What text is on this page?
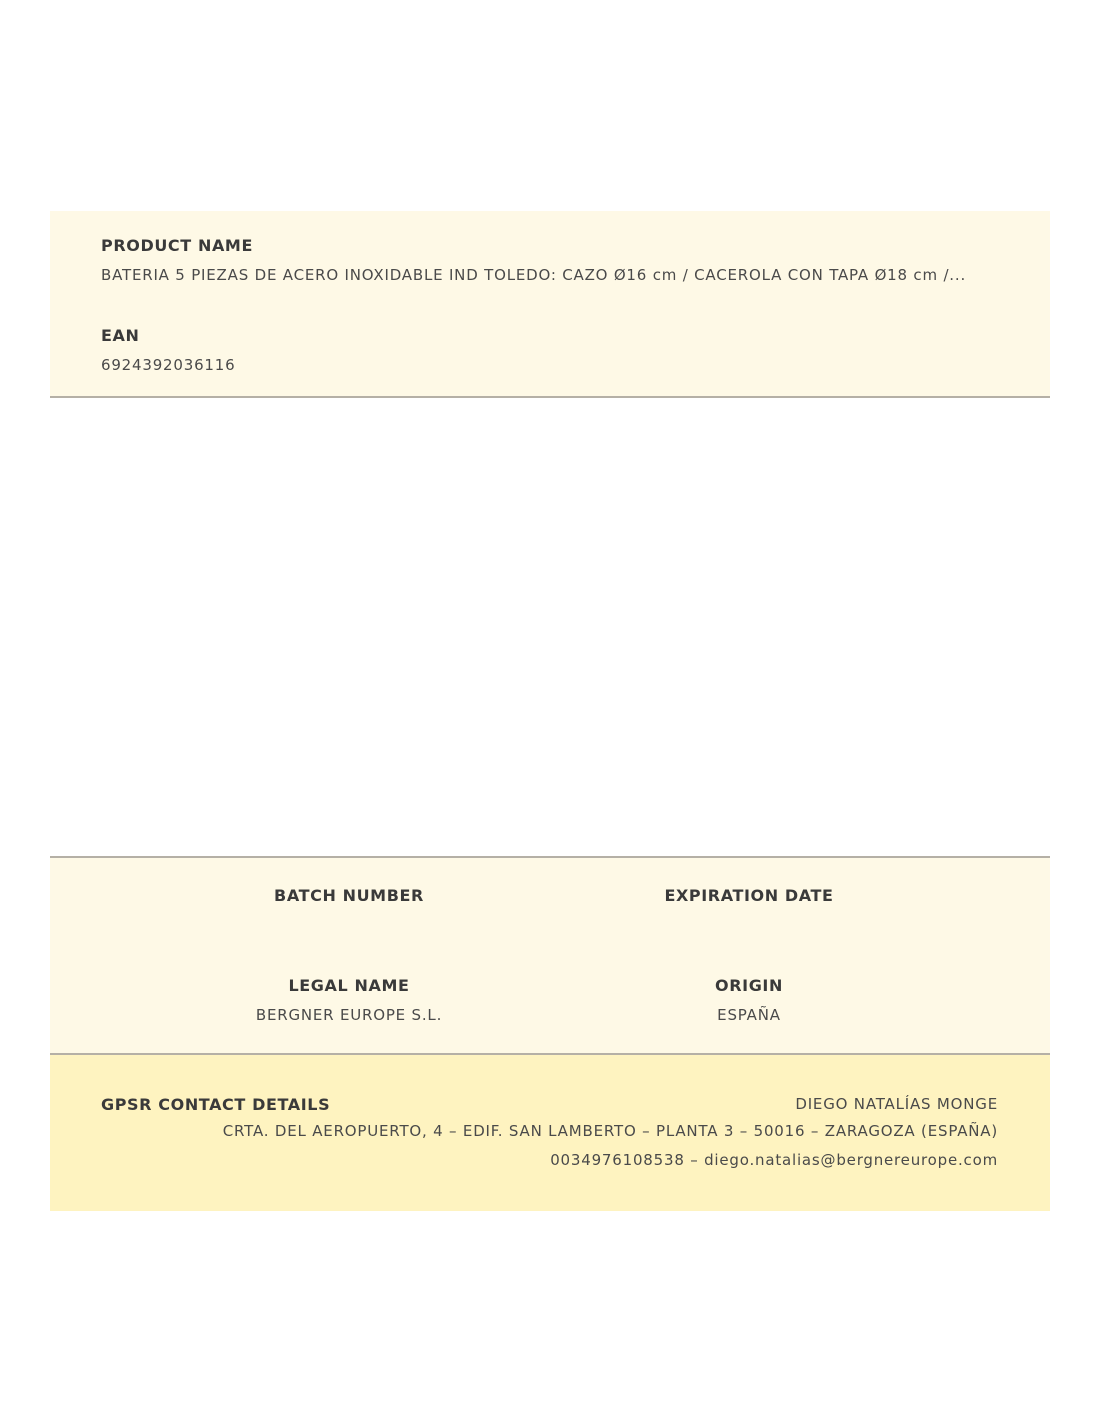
PRODUCT NAME
BATERIA 5 PIEZAS DE ACERO INOXIDABLE IND TOLEDO: CAZO Ø16 cm / CACEROLA CON TAPA Ø18 cm /...
EAN
6924392036116
BATCH NUMBER	EXPIRATION DATE
LEGAL NAME
BERGNER EUROPE S.L.
ORIGIN
ESPAÑA
GPSR CONTACT DETAILS	DIEGO NATALÍAS MONGE
CRTA. DEL AEROPUERTO, 4 – EDIF. SAN LAMBERTO – PLANTA 3 – 50016 – ZARAGOZA (ESPAÑA)
0034976108538 – diego.natalias@bergnereurope.com
